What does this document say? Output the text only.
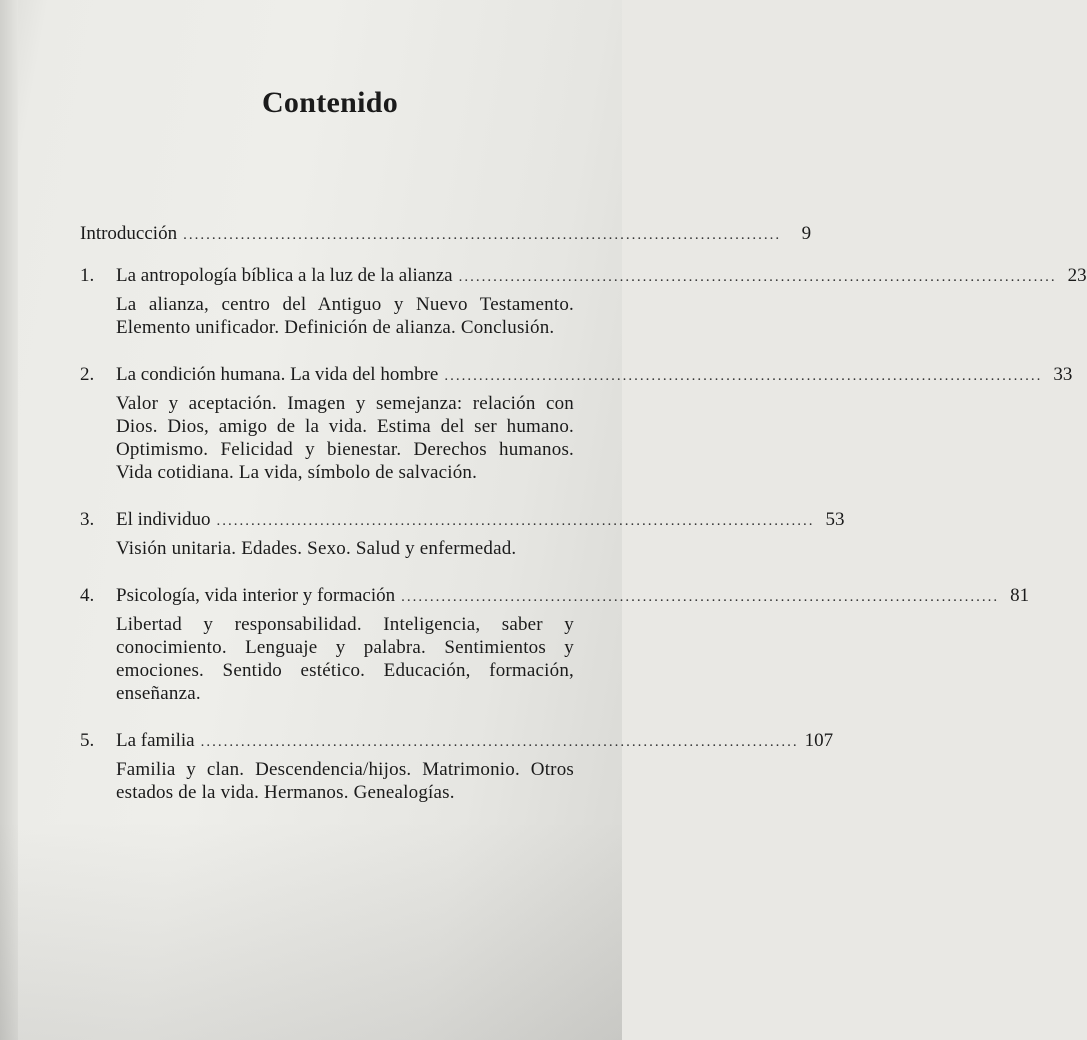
Contenido
Introducción ........................................................................................................	9
1.	La antropología bíblica a la luz de la alianza ........................................................................................................ 23
La alianza, centro del Antiguo y Nuevo Testamento. Elemento unificador. Definición de alianza. Conclusión.
2.	La condición humana. La vida del hombre ........................................................................................................ 33
Valor y aceptación. Imagen y semejanza: relación con Dios. Dios, amigo de la vida. Estima del ser humano. Optimismo. Felicidad y bienestar. Derechos humanos. Vida cotidiana. La vida, símbolo de salvación.
3.	El individuo ........................................................................................................ 53
Visión unitaria. Edades. Sexo. Salud y enfermedad.
4.	Psicología, vida interior y formación ........................................................................................................ 81
Libertad y responsabilidad. Inteligencia, saber y conocimiento. Lenguaje y palabra. Sentimientos y emociones. Sentido estético. Educación, formación, enseñanza.
5.	La familia ........................................................................................................ 107
Familia y clan. Descendencia/hijos. Matrimonio. Otros estados de la vida. Hermanos. Genealogías.
